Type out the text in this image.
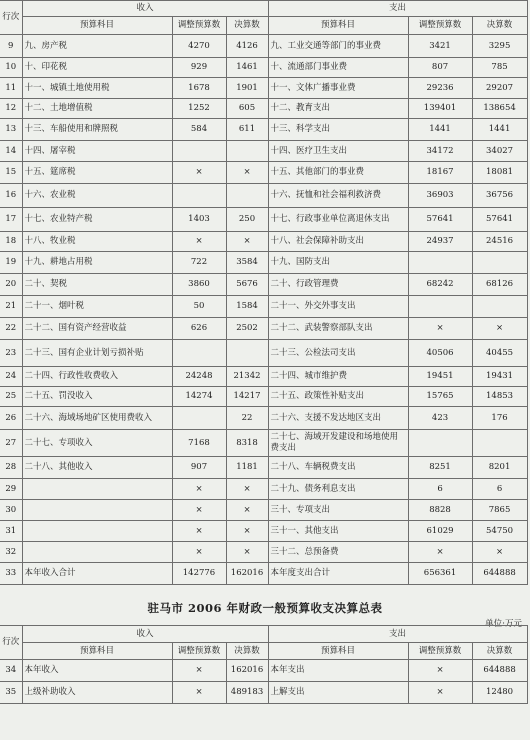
行次	收入			支出		
	预算科目	调整预算数	决算数	预算科目	调整预算数	决算数
9	九、房产税	4270	4126	九、工业交通等部门的事业费	3421	3295
10	十、印花税	929	1461	十、流通部门事业费	807	785
11	十一、城镇土地使用税	1678	1901	十一、文体广播事业费	29236	29207
12	十二、土地增值税	1252	605	十二、教育支出	139401	138654
13	十三、车船使用和牌照税	584	611	十三、科学支出	1441	1441
14	十四、屠宰税			十四、医疗卫生支出	34172	34027
15	十五、筵席税	×	×	十五、其他部门的事业费	18167	18081
16	十六、农业税			十六、抚恤和社会福利救济费	36903	36756
17	十七、农业特产税	1403	250	十七、行政事业单位离退休支出	57641	57641
18	十八、牧业税	×	×	十八、社会保障补助支出	24937	24516
19	十九、耕地占用税	722	3584	十九、国防支出		
20	二十、契税	3860	5676	二十、行政管理费	68242	68126
21	二十一、烟叶税	50	1584	二十一、外交外事支出		
22	二十二、国有资产经营收益	626	2502	二十二、武装警察部队支出	×	×
23	二十三、国有企业计划亏损补贴			二十三、公检法司支出	40506	40455
24	二十四、行政性收费收入	24248	21342	二十四、城市维护费	19451	19431
25	二十五、罚没收入	14274	14217	二十五、政策性补贴支出	15765	14853
26	二十六、海域场地矿区使用费收入		22	二十六、支援不发达地区支出	423	176
27	二十七、专项收入	7168	8318	二十七、海域开发建设和场地使用费支出		
28	二十八、其他收入	907	1181	二十八、车辆税费支出	8251	8201
29		×	×	二十九、债务利息支出	6	6
30		×	×	三十、专项支出	8828	7865
31		×	×	三十一、其他支出	61029	54750
32		×	×	三十二、总预备费	×	×
33	本年收入合计	142776	162016	本年度支出合计	656361	644888
驻马市 2006 年财政一般预算收支决算总表
单位:万元
行次	收入			支出		
	预算科目	调整预算数	决算数	预算科目	调整预算数	决算数
34	本年收入	×	162016	本年支出	×	644888
35	上级补助收入	×	489183	上解支出	×	12480
